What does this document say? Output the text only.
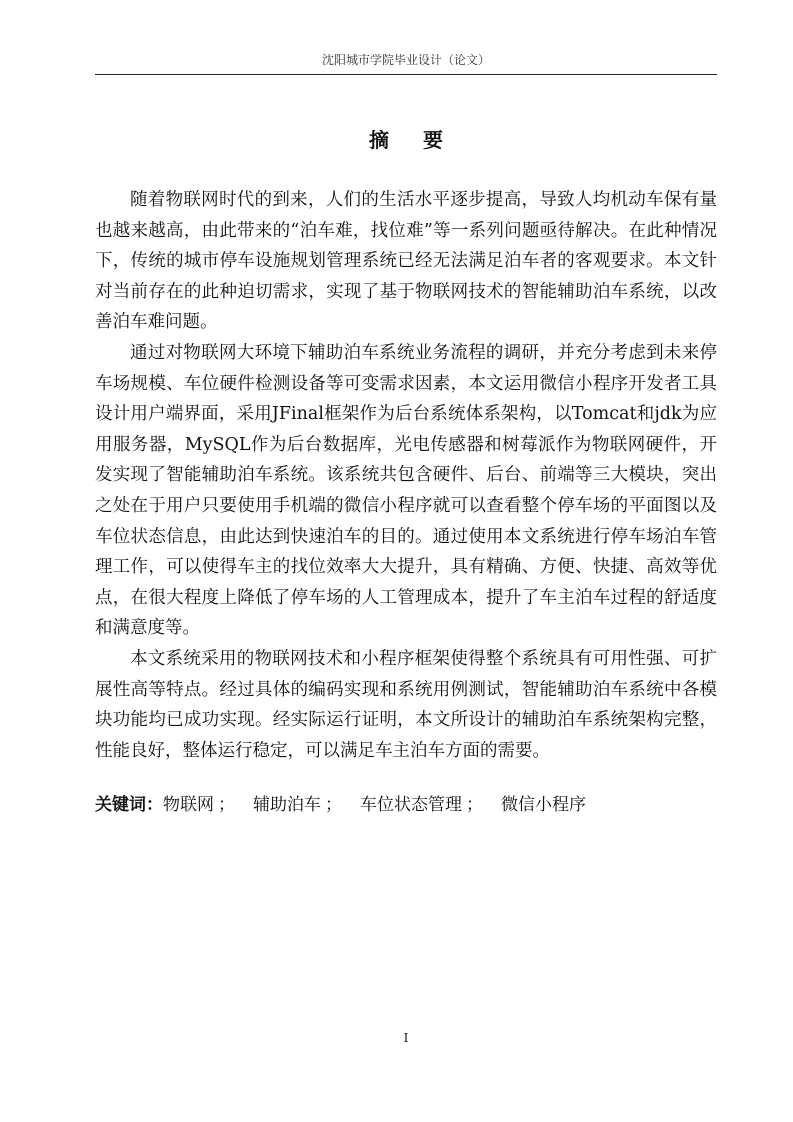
沈阳城市学院毕业设计（论文）
摘要

随着物联网时代的到来，人们的生活水平逐步提高，导致人均机动车保有量也越来越高，由此带来的“泊车难，找位难”等一系列问题亟待解决。在此种情况下，传统的城市停车设施规划管理系统已经无法满足泊车者的客观要求。本文针对当前存在的此种迫切需求，实现了基于物联网技术的智能辅助泊车系统，以改善泊车难问题。

通过对物联网大环境下辅助泊车系统业务流程的调研，并充分考虑到未来停车场规模、车位硬件检测设备等可变需求因素，本文运用微信小程序开发者工具设计用户端界面，采用JFinal框架作为后台系统体系架构，以Tomcat和jdk为应用服务器，MySQL作为后台数据库，光电传感器和树莓派作为物联网硬件，开发实现了智能辅助泊车系统。该系统共包含硬件、后台、前端等三大模块，突出之处在于用户只要使用手机端的微信小程序就可以查看整个停车场的平面图以及车位状态信息，由此达到快速泊车的目的。通过使用本文系统进行停车场泊车管理工作，可以使得车主的找位效率大大提升，具有精确、方便、快捷、高效等优点，在很大程度上降低了停车场的人工管理成本，提升了车主泊车过程的舒适度和满意度等。

本文系统采用的物联网技术和小程序框架使得整个系统具有可用性强、可扩展性高等特点。经过具体的编码实现和系统用例测试，智能辅助泊车系统中各模块功能均已成功实现。经实际运行证明，本文所设计的辅助泊车系统架构完整，性能良好，整体运行稳定，可以满足车主泊车方面的需要。

关键词：物联网 ； 辅助泊车 ； 车位状态管理 ； 微信小程序
I
